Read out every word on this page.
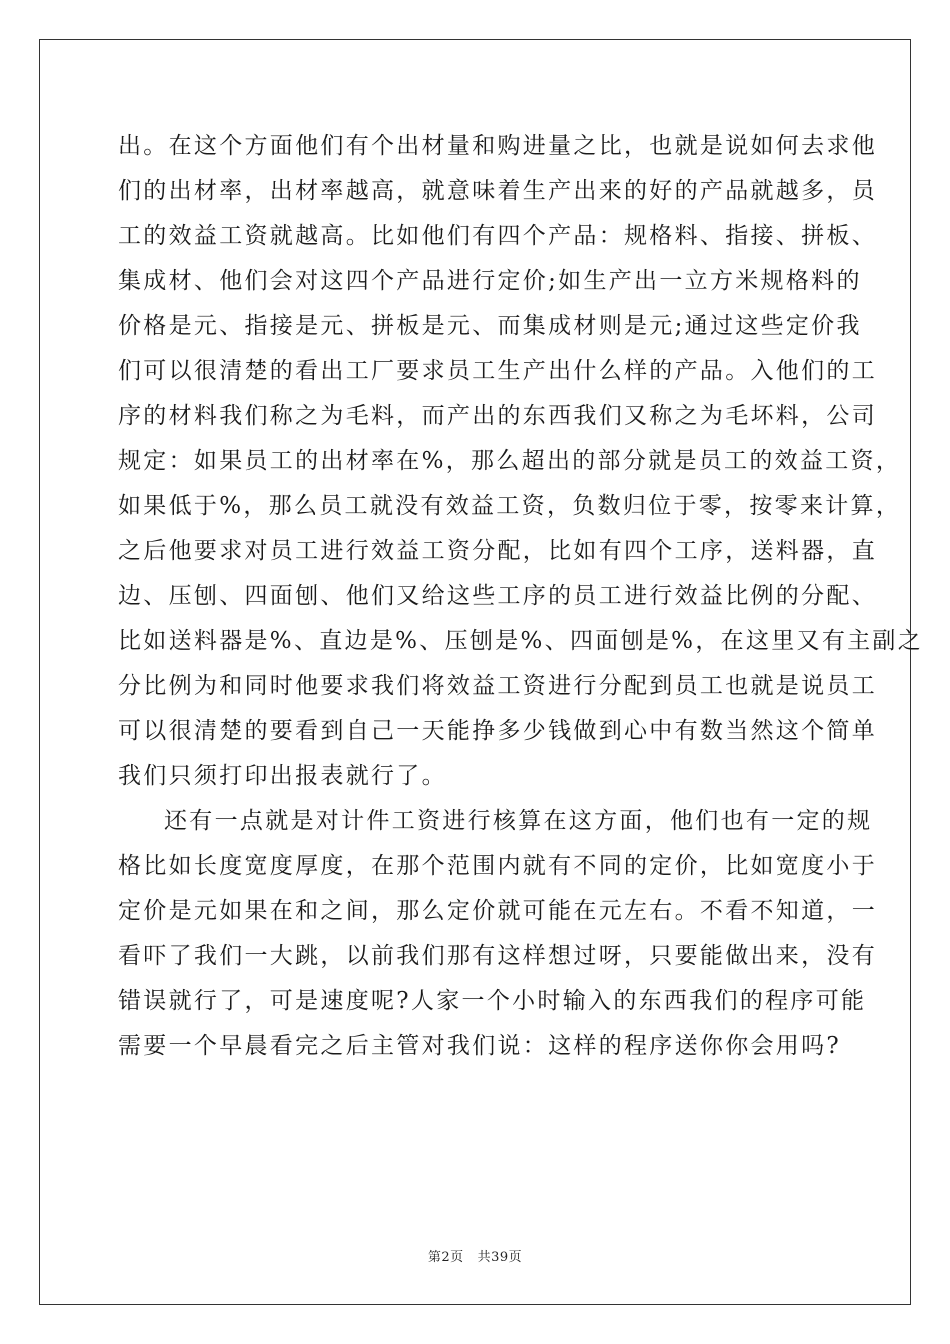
出。在这个方面他们有个出材量和购进量之比，也就是说如何去求他
们的出材率，出材率越高，就意味着生产出来的好的产品就越多，员
工的效益工资就越高。比如他们有四个产品：规格料、指接、拼板、
集成材、他们会对这四个产品进行定价;如生产出一立方米规格料的
价格是元、指接是元、拼板是元、而集成材则是元;通过这些定价我
们可以很清楚的看出工厂要求员工生产出什么样的产品。入他们的工
序的材料我们称之为毛料，而产出的东西我们又称之为毛坏料，公司
规定：如果员工的出材率在%，那么超出的部分就是员工的效益工资，
如果低于%，那么员工就没有效益工资，负数归位于零，按零来计算，
之后他要求对员工进行效益工资分配，比如有四个工序，送料器，直
边、压刨、四面刨、他们又给这些工序的员工进行效益比例的分配、
比如送料器是%、直边是%、压刨是%、四面刨是%，在这里又有主副之
分比例为和同时他要求我们将效益工资进行分配到员工也就是说员工
可以很清楚的要看到自己一天能挣多少钱做到心中有数当然这个简单
我们只须打印出报表就行了。
还有一点就是对计件工资进行核算在这方面，他们也有一定的规
格比如长度宽度厚度，在那个范围内就有不同的定价，比如宽度小于
定价是元如果在和之间，那么定价就可能在元左右。不看不知道，一
看吓了我们一大跳，以前我们那有这样想过呀，只要能做出来，没有
错误就行了，可是速度呢?人家一个小时输入的东西我们的程序可能
需要一个早晨看完之后主管对我们说：这样的程序送你你会用吗?
第2页 共39页
